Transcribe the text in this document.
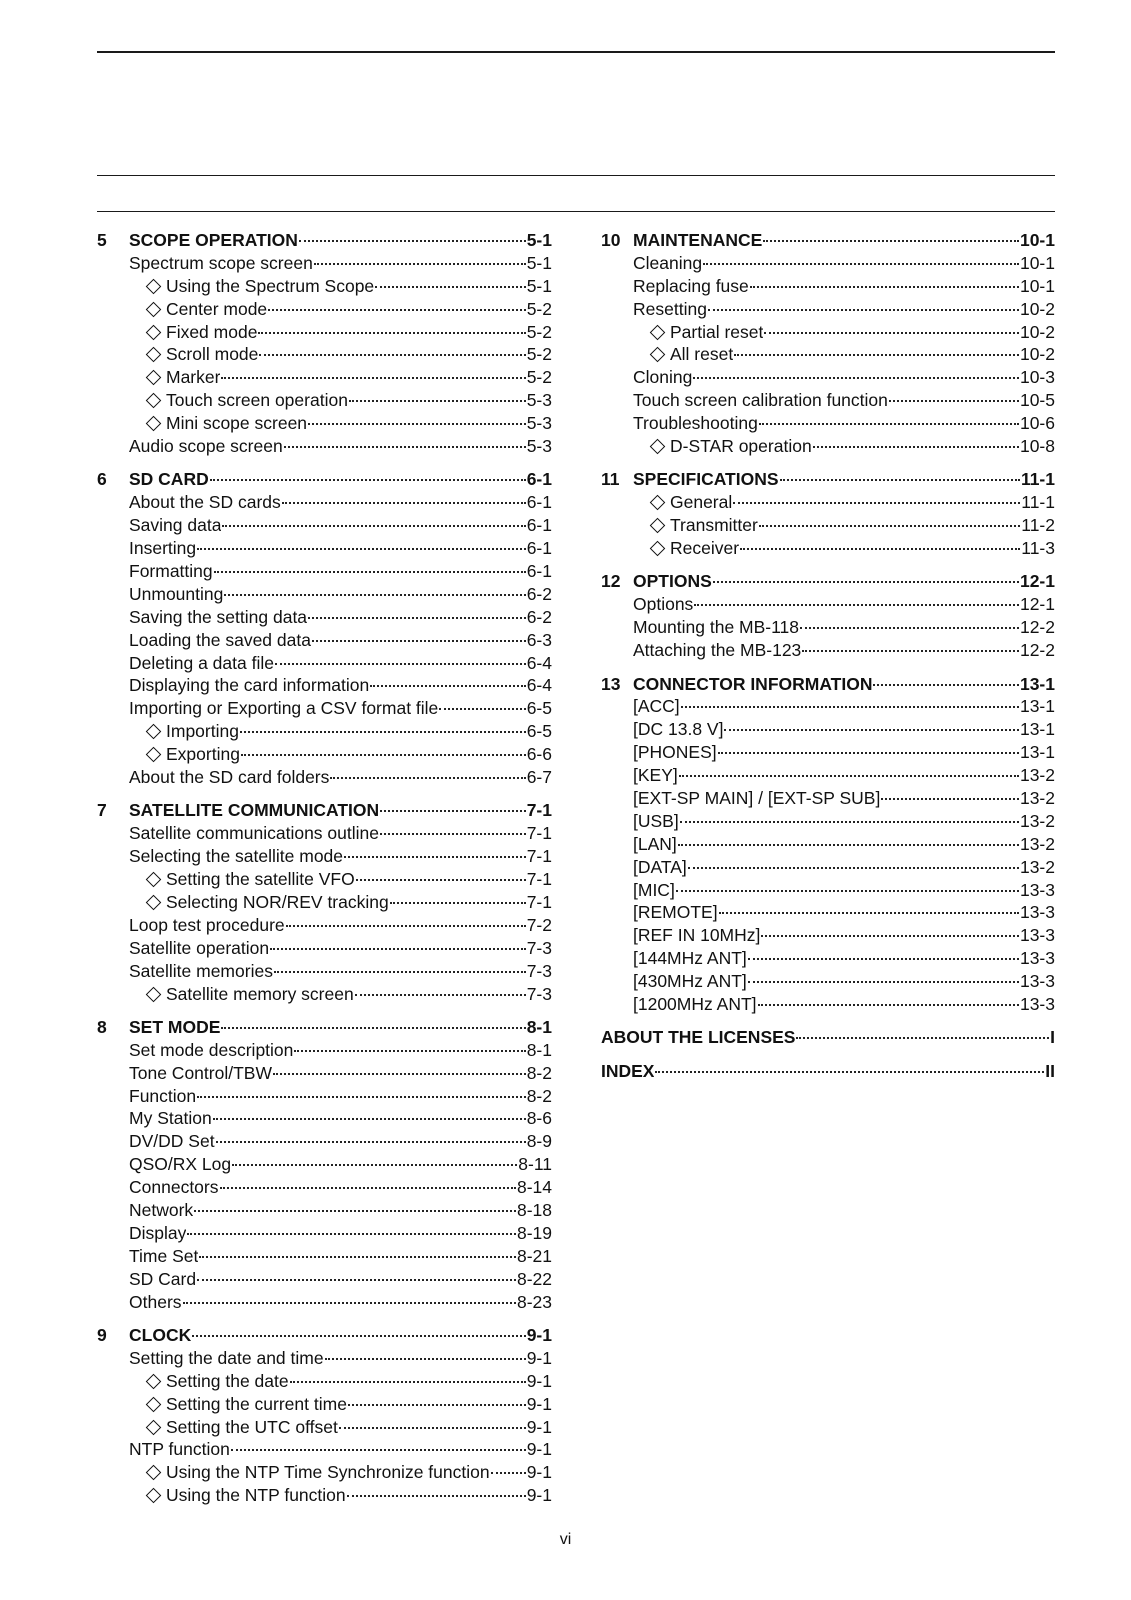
5 SCOPE OPERATION	5-1
Spectrum scope screen	5-1
Using the Spectrum Scope	5-1
Center mode	5-2
Fixed mode	5-2
Scroll mode	5-2
Marker	5-2
Touch screen operation	5-3
Mini scope screen	5-3
Audio scope screen	5-3
6 SD CARD	6-1
About the SD cards	6-1
Saving data	6-1
Inserting	6-1
Formatting	6-1
Unmounting	6-2
Saving the setting data	6-2
Loading the saved data	6-3
Deleting a data file	6-4
Displaying the card information	6-4
Importing or Exporting a CSV format file	6-5
Importing	6-5
Exporting	6-6
About the SD card folders	6-7
7 SATELLITE COMMUNICATION	7-1
Satellite communications outline	7-1
Selecting the satellite mode	7-1
Setting the satellite VFO	7-1
Selecting NOR/REV tracking	7-1
Loop test procedure	7-2
Satellite operation	7-3
Satellite memories	7-3
Satellite memory screen	7-3
8 SET MODE	8-1
Set mode description	8-1
Tone Control/TBW	8-2
Function	8-2
My Station	8-6
DV/DD Set	8-9
QSO/RX Log	8-11
Connectors	8-14
Network	8-18
Display	8-19
Time Set	8-21
SD Card	8-22
Others	8-23
9 CLOCK	9-1
Setting the date and time	9-1
Setting the date	9-1
Setting the current time	9-1
Setting the UTC offset	9-1
NTP function	9-1
Using the NTP Time Synchronize function 9-1
Using the NTP function	9-1
10 MAINTENANCE	10-1
Cleaning	10-1
Replacing fuse	10-1
Resetting	10-2
Partial reset	10-2
All reset	10-2
Cloning	10-3
Touch screen calibration function	10-5
Troubleshooting	10-6
D-STAR operation	10-8
11 SPECIFICATIONS	11-1
General	11-1
Transmitter	11-2
Receiver	11-3
12 OPTIONS	12-1
Options	12-1
Mounting the MB-118	12-2
Attaching the MB-123	12-2
13 CONNECTOR INFORMATION	13-1
[ACC]	13-1
[DC 13.8 V]	13-1
[PHONES]	13-1
[KEY]	13-2
[EXT-SP MAIN] / [EXT-SP SUB]	13-2
[USB]	13-2
[LAN]	13-2
[DATA]	13-2
[MIC]	13-3
[REMOTE]	13-3
[REF IN 10MHz]	13-3
[144MHz ANT]	13-3
[430MHz ANT]	13-3
[1200MHz ANT]	13-3
ABOUT THE LICENSES	I
INDEX	II
vi
